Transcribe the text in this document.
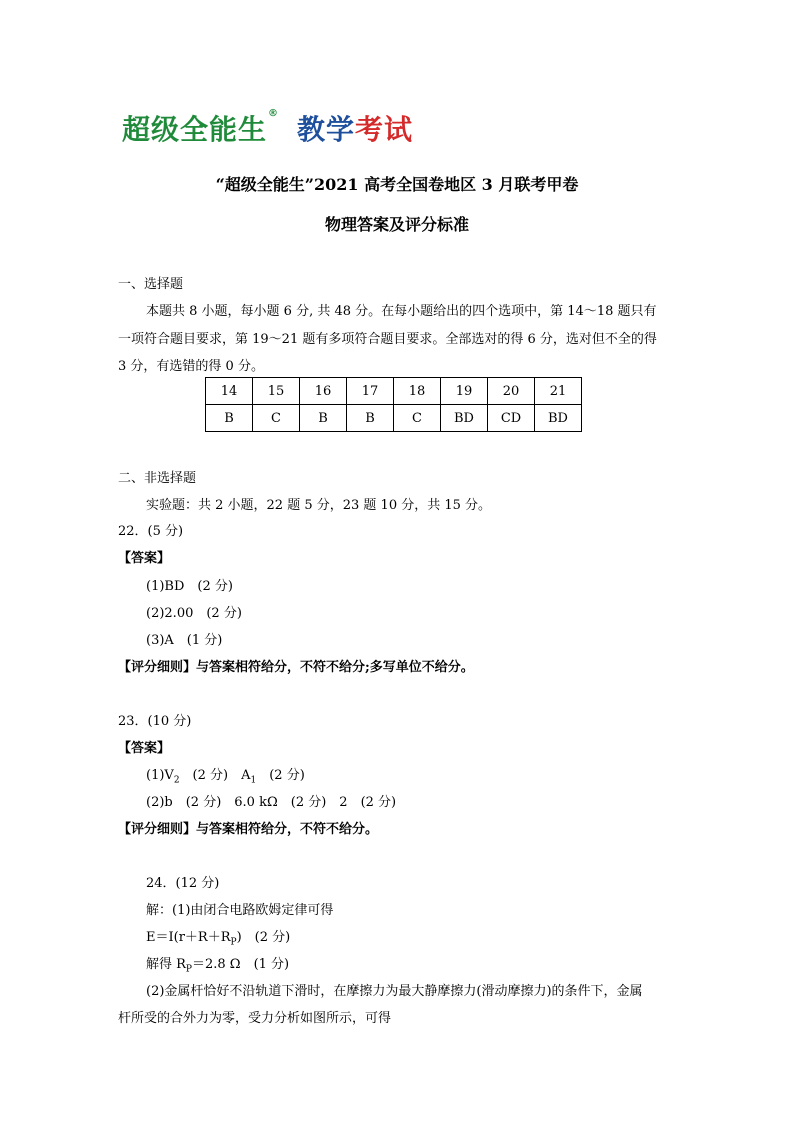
超级全能生® 教学考试
“超级全能生”2021 高考全国卷地区 3 月联考甲卷
物理答案及评分标准
一、选择题
本题共 8 小题，每小题 6 分, 共 48 分。在每小题给出的四个选项中，第 14～18 题只有
一项符合题目要求，第 19～21 题有多项符合题目要求。全部选对的得 6 分，选对但不全的得
3 分，有选错的得 0 分。
14	15	16	17	18	19	20	21
B	C	B	B	C	BD	CD	BD
二、非选择题
实验题：共 2 小题，22 题 5 分，23 题 10 分，共 15 分。
22．(5 分)
【答案】
(1)BD　(2 分)
(2)2.00　(2 分)
(3)A　(1 分)
【评分细则】与答案相符给分，不符不给分;多写单位不给分。
23．(10 分)
【答案】
$(1)V_2$　(2 分)　$A_1$　(2 分)
(2)b　(2 分)　6.0 kΩ　(2 分)　2　(2 分)
【评分细则】与答案相符给分，不符不给分。
24．(12 分)
解：(1)由闭合电路欧姆定律可得
$E=I(r+R+R_P)$　(2 分)
解得 $R_P=2.8$ Ω　(1 分)
(2)金属杆恰好不沿轨道下滑时，在摩擦力为最大静摩擦力(滑动摩擦力)的条件下，金属
杆所受的合外力为零，受力分析如图所示，可得
